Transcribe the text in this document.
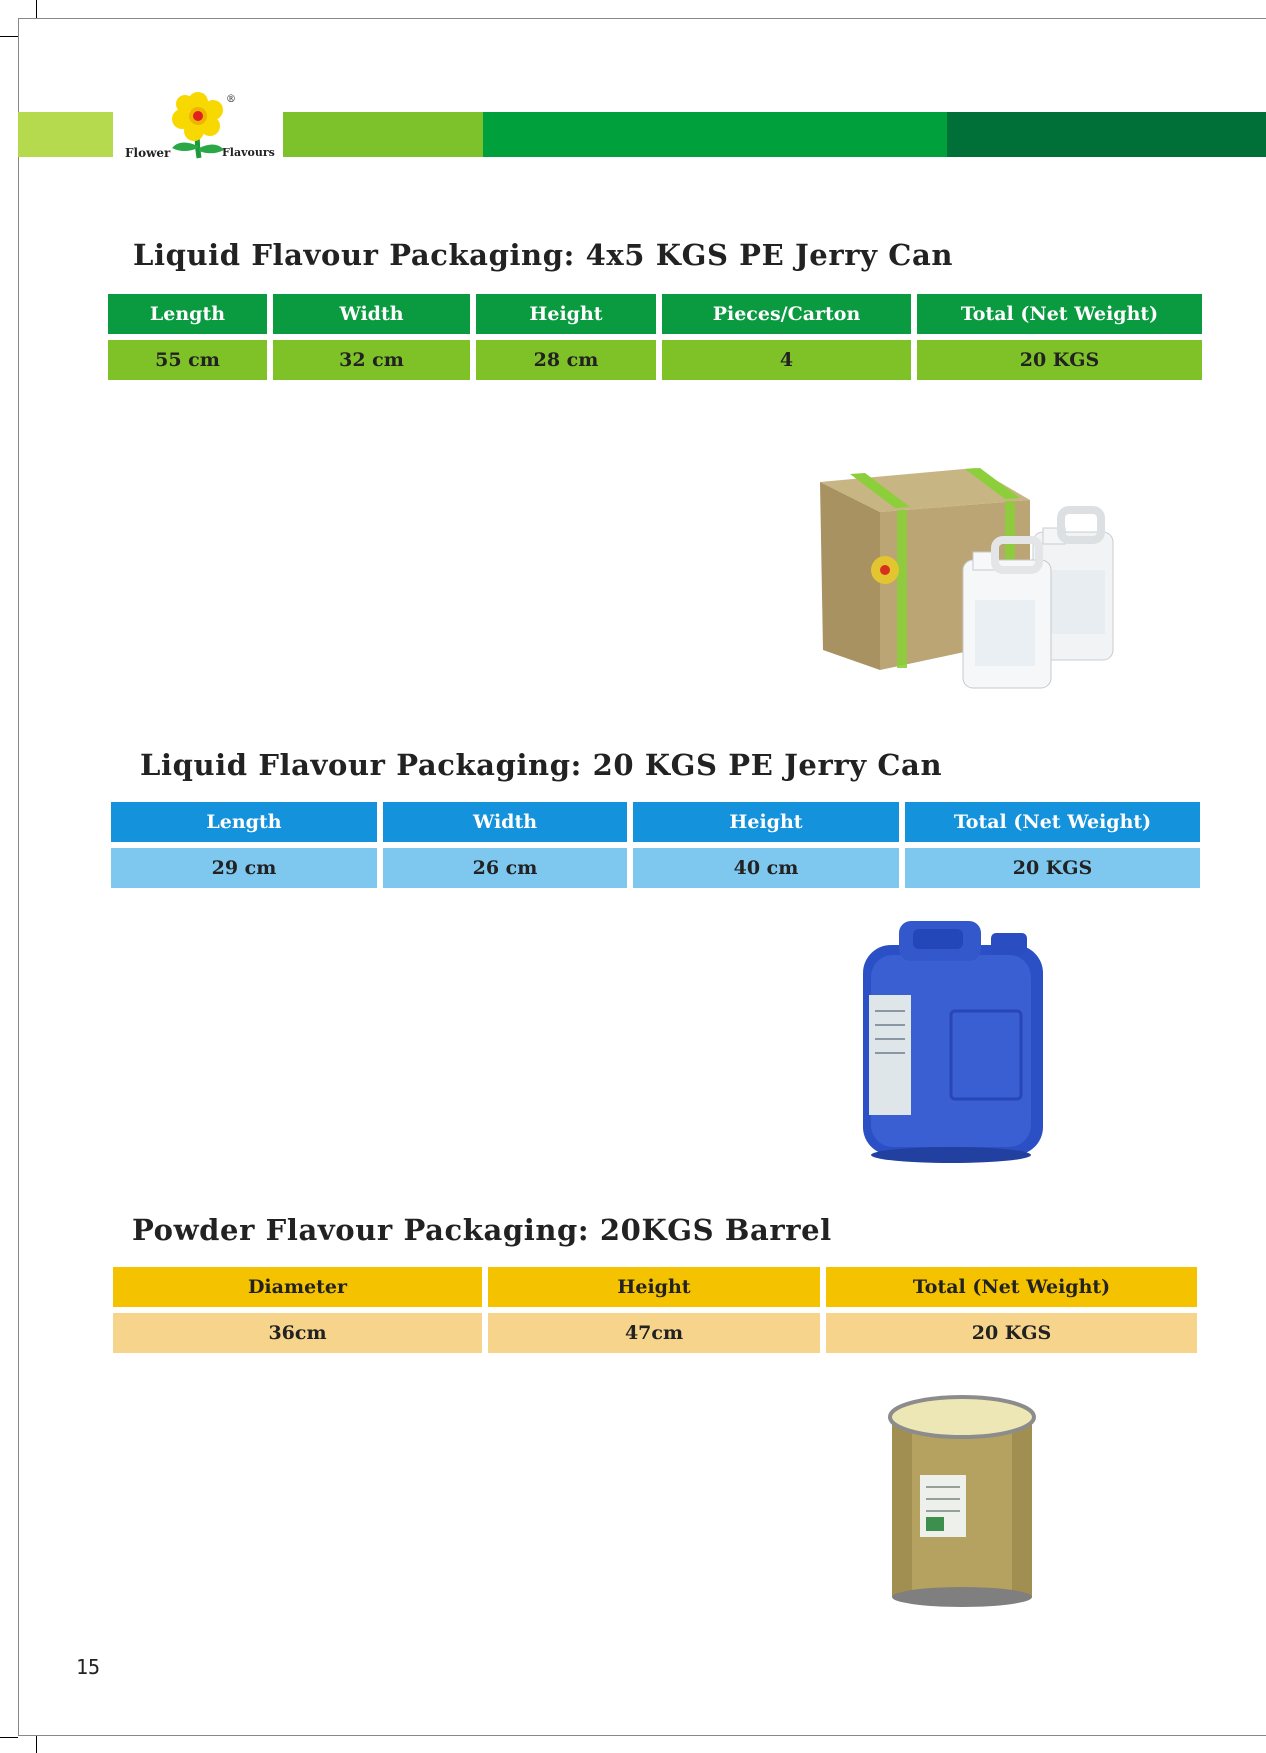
Flower	Flavours
®
Liquid Flavour Packaging: 4x5 KGS PE Jerry Can
Length	Width	Height	Pieces/Carton	Total (Net Weight)
55 cm	32 cm	28 cm	4	20 KGS
Liquid Flavour Packaging: 20 KGS PE Jerry Can
Length	Width	Height	Total (Net Weight)
29 cm	26 cm	40 cm	20 KGS
Powder Flavour Packaging: 20KGS Barrel
Diameter	Height	Total (Net Weight)
36cm	47cm	20 KGS
15
